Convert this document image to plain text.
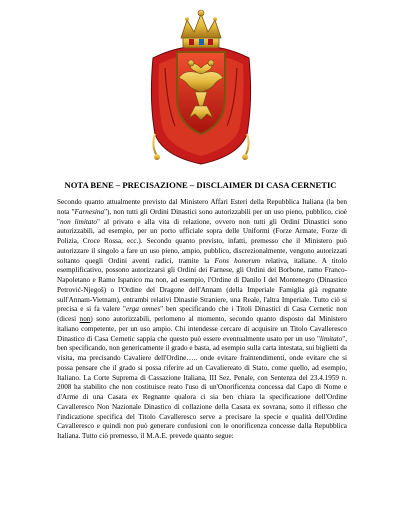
NOTA BENE – PRECISAZIONE – DISCLAIMER DI CASA CERNETIC
Secondo quanto attualmente previsto dal Ministero Affari Esteri della Repubblica Italiana (la ben nota "Farnesina"), non tutti gli Ordini Dinastici sono autorizzabili per un uso pieno, pubblico, cioè "non limitato" al privato e alla vita di relazione, ovvero non tutti gli Ordini Dinastici sono autorizzabili, ad esempio, per un porto ufficiale sopra delle Uniformi (Forze Armate, Forze di Polizia, Croce Rossa, ecc.). Secondo quanto previsto, infatti, premesso che il Ministero può autorizzare il singolo a fare un uso pieno, ampio, pubblico, discrezionalmente, vengono autorizzati soltanto quegli Ordini aventi radici, tramite la Fons honorum relativa, italiane. A titolo esemplificativo, possono autorizzarsi gli Ordini dei Farnese, gli Ordini dei Borbone, ramo Franco-Napoletano e Ramo Ispanico ma non, ad esempio, l'Ordine di Danilo I del Montenegro (Dinastico Petrović-Njegoš) o l'Ordine del Dragone dell'Annam (della Imperiale Famiglia già regnante sull'Annam-Vietnam), entrambi relativi Dinastie Straniere, una Reale, l'altra Imperiale. Tutto ciò si precisa e si fa valere "erga omnes" ben specificando che i Titoli Dinastici di Casa Cernetic non (dicesi non) sono autorizzabili, perlomeno al momento, secondo quanto disposto dal Ministero italiano competente, per un uso ampio. Chi intendesse cercare di acquisire un Titolo Cavalleresco Dinastico di Casa Cernetic sappia che questo può essere eventualmente usato per un uso "limitato", ben specificando, non genericamente il grado e basta, ad esempio sulla carta intestata, sui biglietti da visita, ma precisando Cavaliere dell'Ordine….. onde evitare fraintendimenti, onde evitare che si possa pensare che il grado si possa riferire ad un Cavaliereato di Stato, come quello, ad esempio, Italiano. La Corte Suprema di Cassazione Italiana, III Sez. Penale, con Sentenza del 23.4.1959 n. 2008 ha stabilito che non costituisce reato l'uso di un'Onorificenza concessa dal Capo di Nome e d'Arme di una Casata ex Regnante qualora ci sia ben chiara la specificazione dell'Ordine Cavalleresco Non Nazionale Dinastico di collazione della Casata ex sovrana, sotto il riflesso che l'indicazione specifica del Titolo Cavalleresco serve a precisare la specie e qualità dell'Ordine Cavalleresco e quindi non può generare confusioni con le onorificenza concesse dalla Repubblica Italiana. Tutto ciò premesso, il M.A.E. prevede quanto segue:
